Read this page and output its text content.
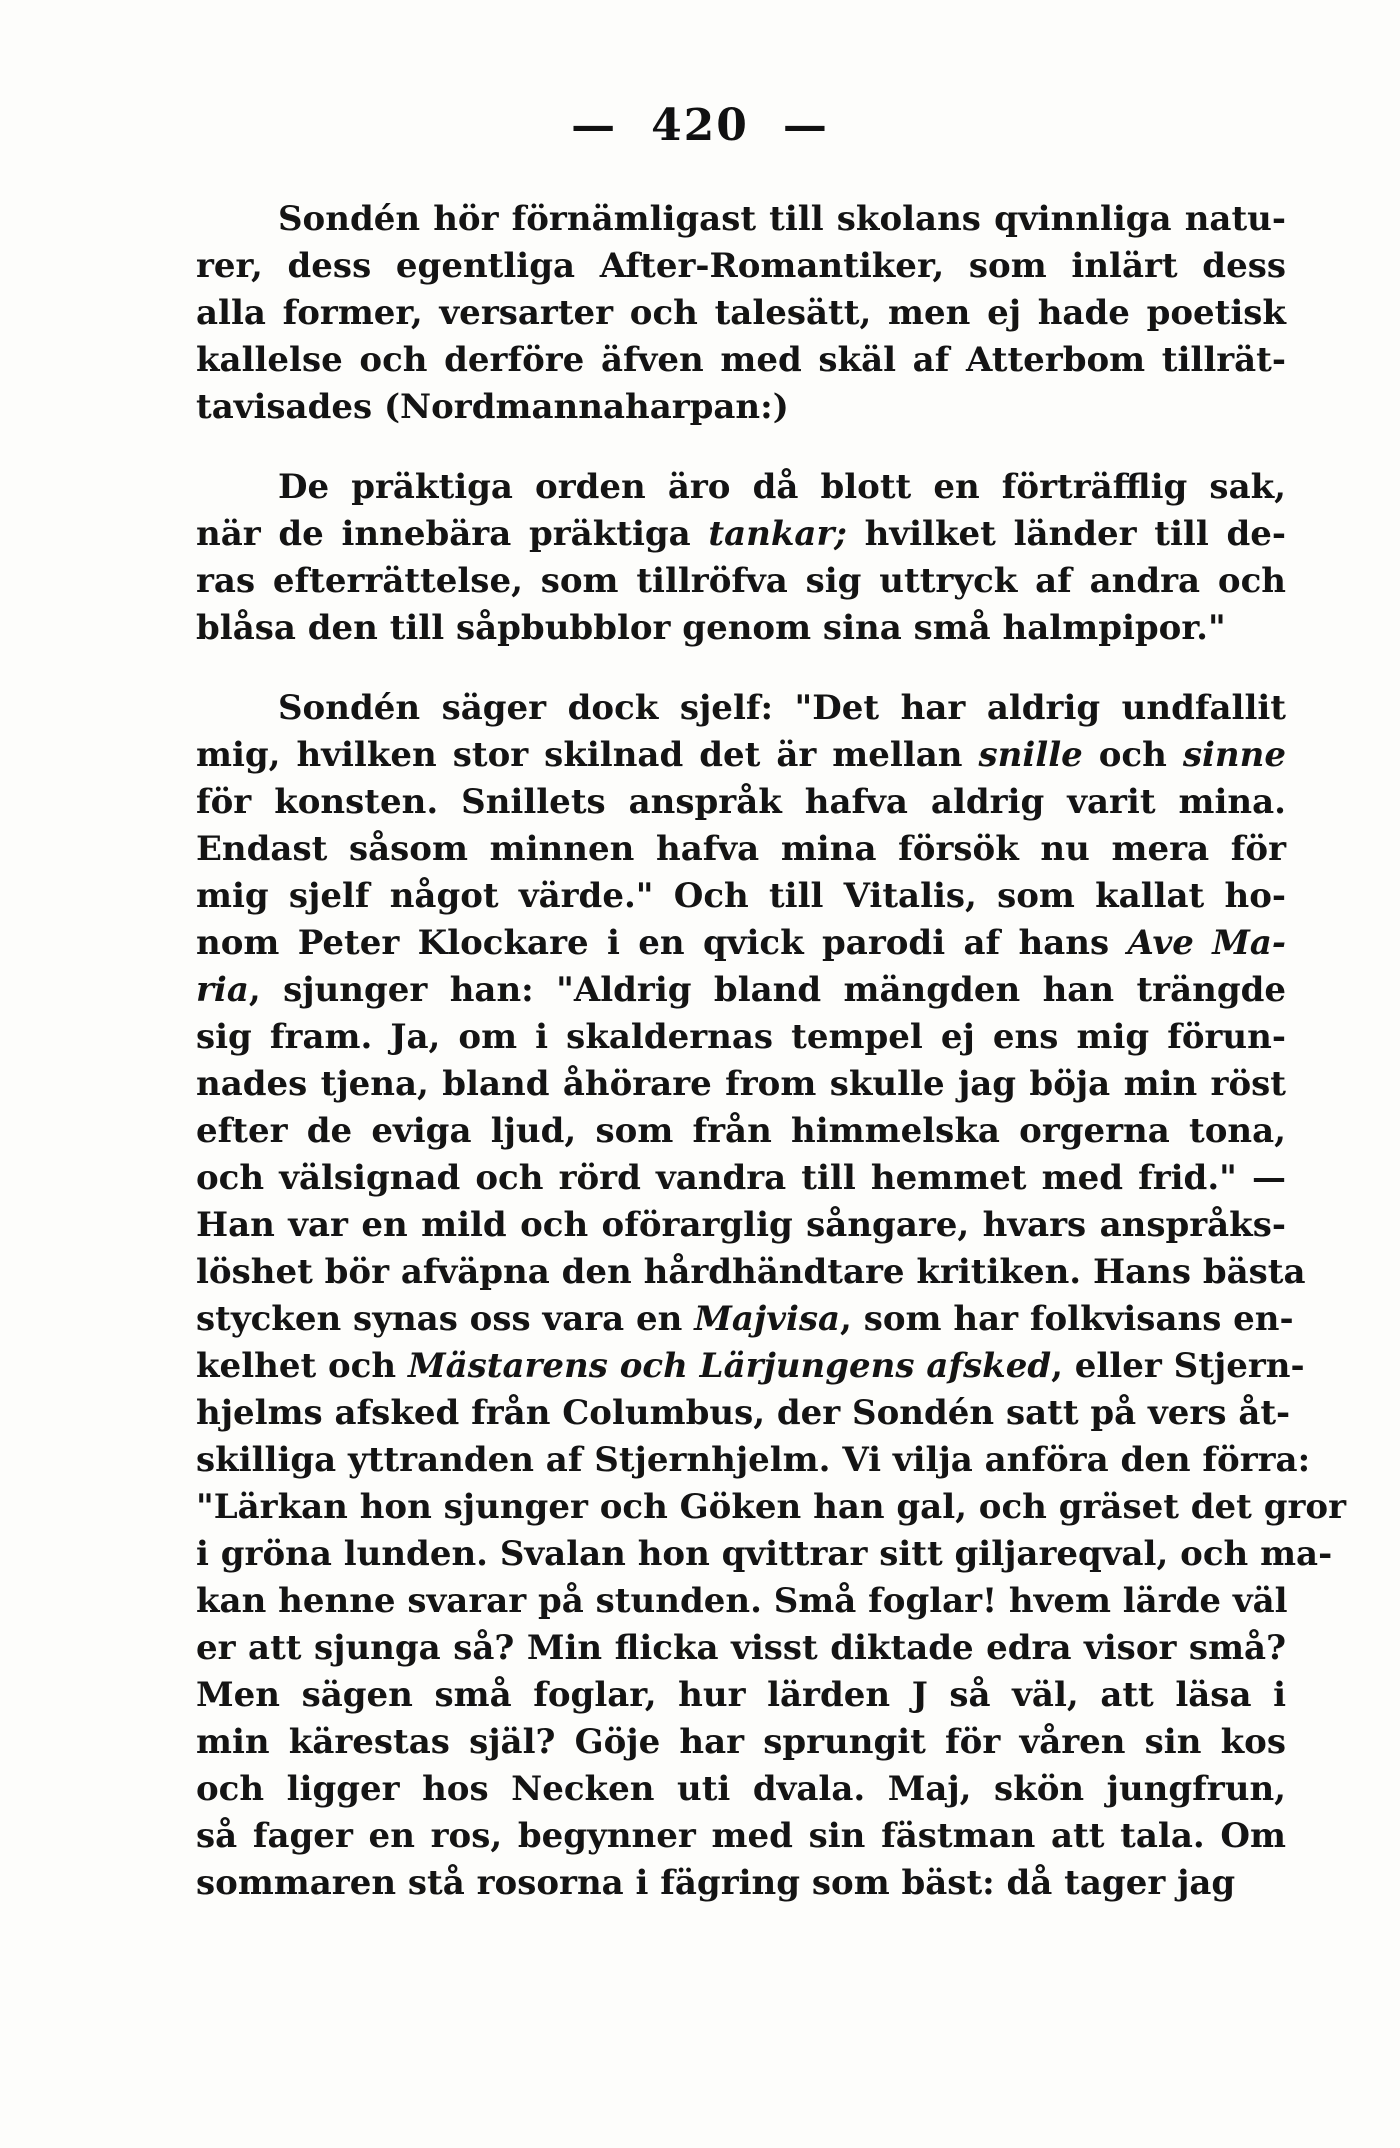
— 420 —
Sondén hör förnämligast till skolans qvinnliga natu-
rer, dess egentliga After-Romantiker, som inlärt dess
alla former, versarter och talesätt, men ej hade poetisk
kallelse och derföre äfven med skäl af Atterbom tillrät-
tavisades (Nordmannaharpan:)
De präktiga orden äro då blott en förträfflig sak,
när de innebära präktiga tankar; hvilket länder till de-
ras efterrättelse, som tillröfva sig uttryck af andra och
blåsa den till såpbubblor genom sina små halmpipor."
Sondén säger dock sjelf: "Det har aldrig undfallit
mig, hvilken stor skilnad det är mellan snille och sinne
för konsten. Snillets anspråk hafva aldrig varit mina.
Endast såsom minnen hafva mina försök nu mera för
mig sjelf något värde." Och till Vitalis, som kallat ho-
nom Peter Klockare i en qvick parodi af hans Ave Ma-
ria, sjunger han: "Aldrig bland mängden han trängde
sig fram. Ja, om i skaldernas tempel ej ens mig förun-
nades tjena, bland åhörare from skulle jag böja min röst
efter de eviga ljud, som från himmelska orgerna tona,
och välsignad och rörd vandra till hemmet med frid." —
Han var en mild och oförarglig sångare, hvars anspråks-
löshet bör afväpna den hårdhändtare kritiken. Hans bästa
stycken synas oss vara en Majvisa, som har folkvisans en-
kelhet och Mästarens och Lärjungens afsked, eller Stjern-
hjelms afsked från Columbus, der Sondén satt på vers åt-
skilliga yttranden af Stjernhjelm. Vi vilja anföra den förra:
"Lärkan hon sjunger och Göken han gal, och gräset det gror
i gröna lunden. Svalan hon qvittrar sitt giljareqval, och ma-
kan henne svarar på stunden. Små foglar! hvem lärde väl
er att sjunga så? Min flicka visst diktade edra visor små?
Men sägen små foglar, hur lärden J så väl, att läsa i
min kärestas själ? Göje har sprungit för våren sin kos
och ligger hos Necken uti dvala. Maj, skön jungfrun,
så fager en ros, begynner med sin fästman att tala. Om
sommaren stå rosorna i fägring som bäst: då tager jag
